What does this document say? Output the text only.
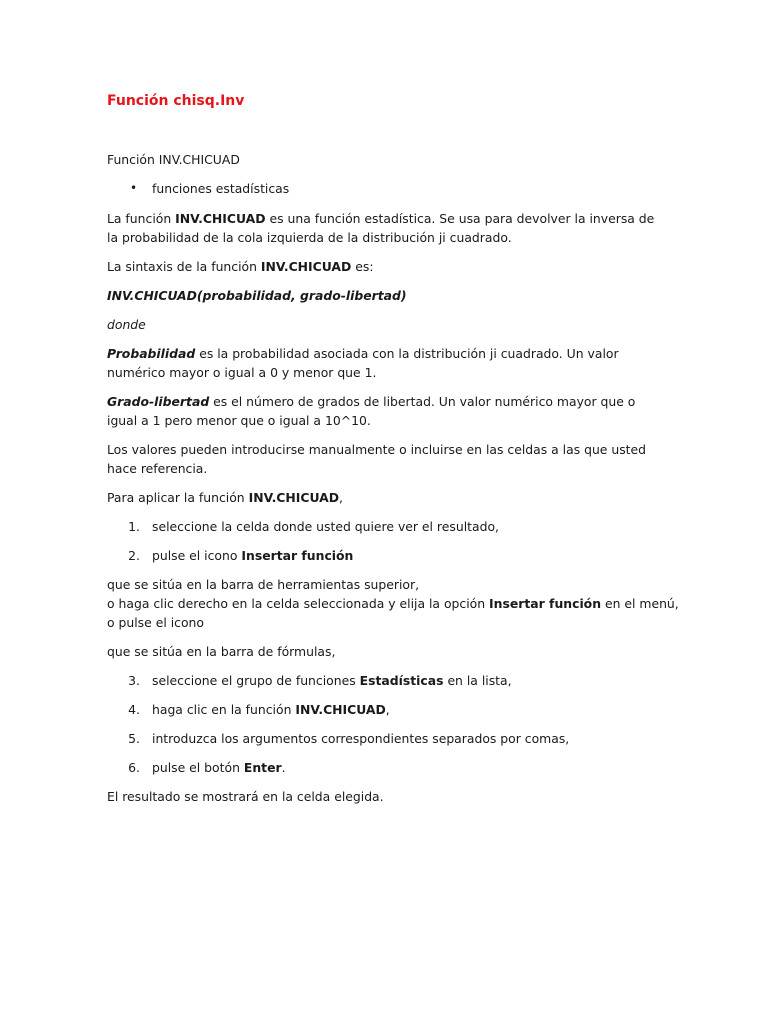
Función chisq.Inv

Función INV.CHICUAD

• funciones estadísticas

La función INV.CHICUAD es una función estadística. Se usa para devolver la inversa de la probabilidad de la cola izquierda de la distribución ji cuadrado.

La sintaxis de la función INV.CHICUAD es:

INV.CHICUAD(probabilidad, grado-libertad)

donde

Probabilidad es la probabilidad asociada con la distribución ji cuadrado. Un valor numérico mayor o igual a 0 y menor que 1.

Grado-libertad es el número de grados de libertad. Un valor numérico mayor que o igual a 1 pero menor que o igual a 10^10.

Los valores pueden introducirse manualmente o incluirse en las celdas a las que usted hace referencia.

Para aplicar la función INV.CHICUAD,

1. seleccione la celda donde usted quiere ver el resultado,

2. pulse el icono Insertar función

que se sitúa en la barra de herramientas superior,

o haga clic derecho en la celda seleccionada y elija la opción Insertar función en el menú,

o pulse el icono

que se sitúa en la barra de fórmulas,

3. seleccione el grupo de funciones Estadísticas en la lista,

4. haga clic en la función INV.CHICUAD,

5. introduzca los argumentos correspondientes separados por comas,

6. pulse el botón Enter.

El resultado se mostrará en la celda elegida.
